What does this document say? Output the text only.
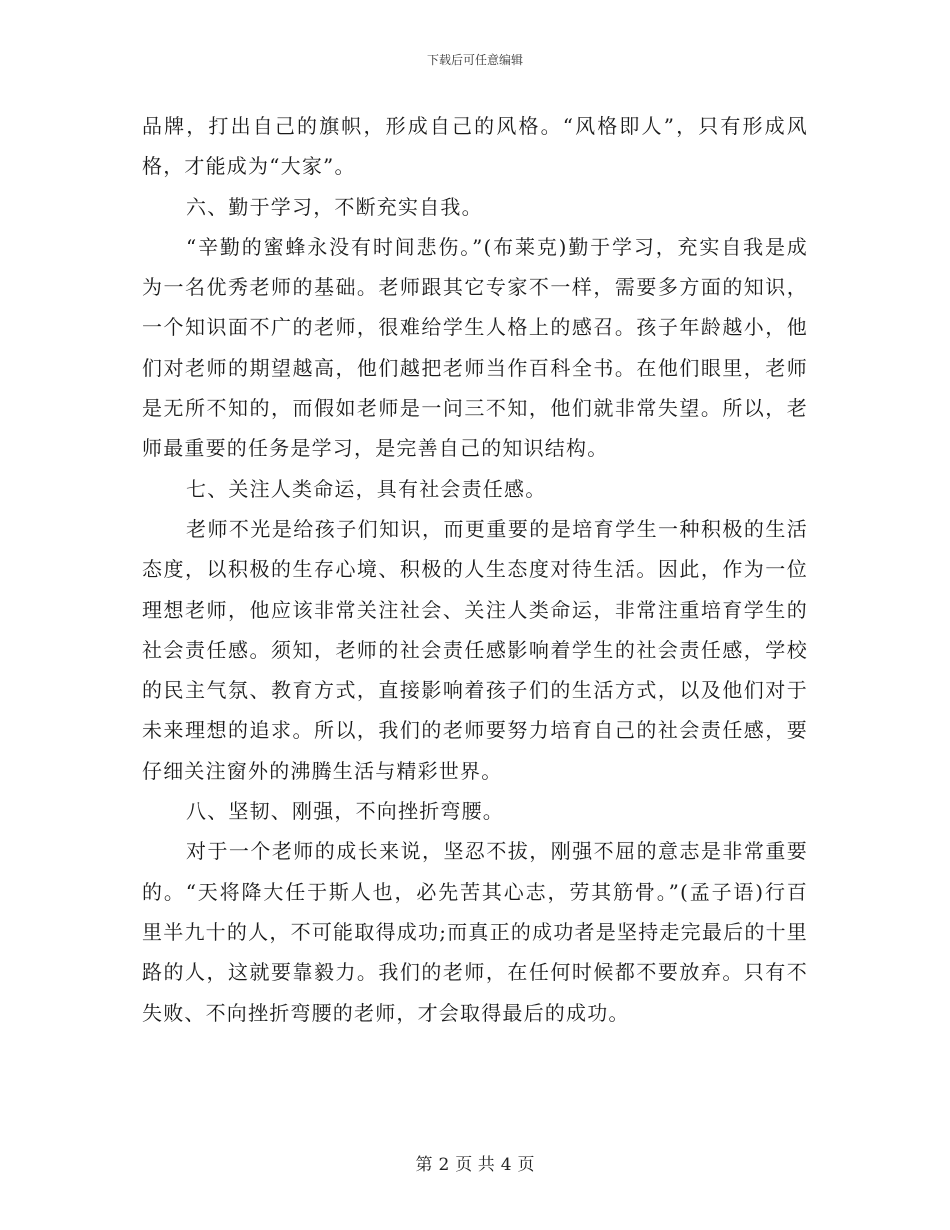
下载后可任意编辑

品牌，打出自己的旗帜，形成自己的风格。“风格即人”，只有形成风格，才能成为“大家”。

六、勤于学习，不断充实自我。

“辛勤的蜜蜂永没有时间悲伤。”(布莱克)勤于学习，充实自我是成为一名优秀老师的基础。老师跟其它专家不一样，需要多方面的知识，一个知识面不广的老师，很难给学生人格上的感召。孩子年龄越小，他们对老师的期望越高，他们越把老师当作百科全书。在他们眼里，老师是无所不知的，而假如老师是一问三不知，他们就非常失望。所以，老师最重要的任务是学习，是完善自己的知识结构。

七、关注人类命运，具有社会责任感。

老师不光是给孩子们知识，而更重要的是培育学生一种积极的生活态度，以积极的生存心境、积极的人生态度对待生活。因此，作为一位理想老师，他应该非常关注社会、关注人类命运，非常注重培育学生的社会责任感。须知，老师的社会责任感影响着学生的社会责任感，学校的民主气氛、教育方式，直接影响着孩子们的生活方式，以及他们对于未来理想的追求。所以，我们的老师要努力培育自己的社会责任感，要仔细关注窗外的沸腾生活与精彩世界。

八、坚韧、刚强，不向挫折弯腰。

对于一个老师的成长来说，坚忍不拔，刚强不屈的意志是非常重要的。“天将降大任于斯人也，必先苦其心志，劳其筋骨。”(孟子语)行百里半九十的人，不可能取得成功;而真正的成功者是坚持走完最后的十里路的人，这就要靠毅力。我们的老师，在任何时候都不要放弃。只有不失败、不向挫折弯腰的老师，才会取得最后的成功。

第 2 页 共 4 页
